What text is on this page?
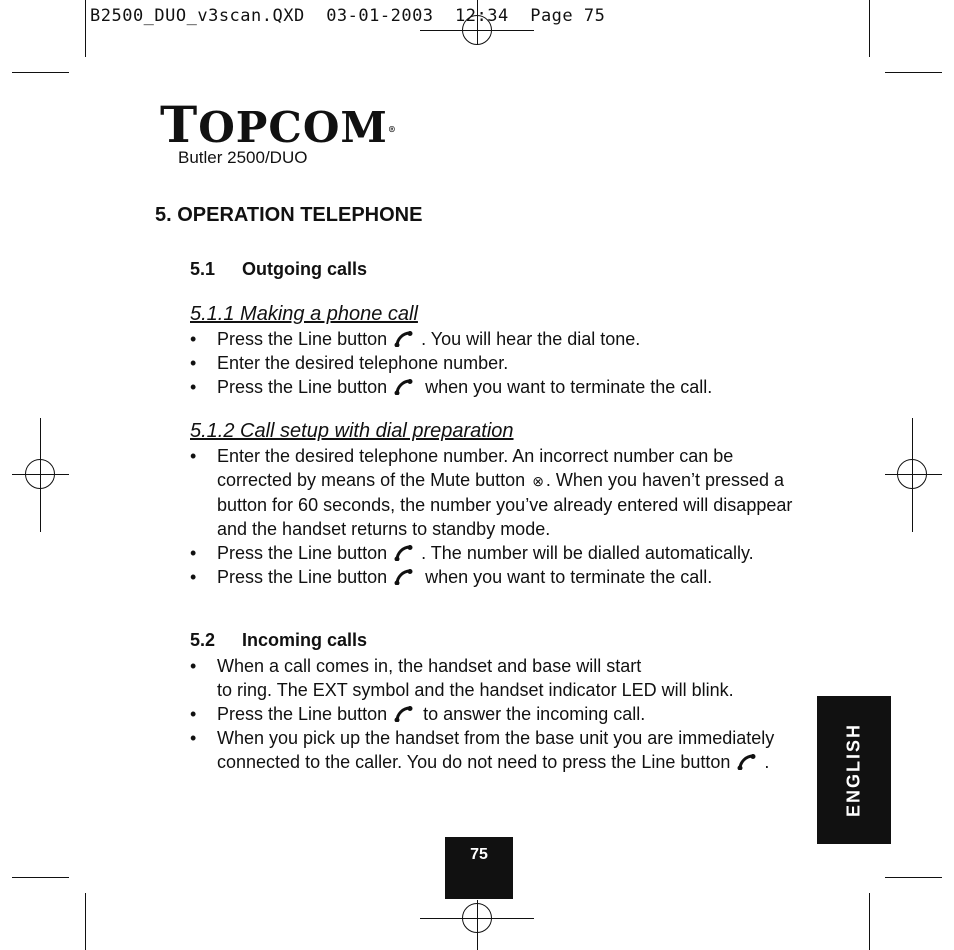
B2500_DUO_v3scan.QXD 03-01-2003 12:34 Page 75
TOPCOM®
Butler 2500/DUO
5. OPERATION TELEPHONE
5.1 Outgoing calls
5.1.1 Making a phone call
• Press the Line button . You will hear the dial tone.
• Enter the desired telephone number.
• Press the Line button when you want to terminate the call.
5.1.2 Call setup with dial preparation
• Enter the desired telephone number. An incorrect number can be corrected by means of the Mute button ⊗ . When you haven’t pressed a button for 60 seconds, the number you’ve already entered will disappear and the handset returns to standby mode.
• Press the Line button . The number will be dialled automatically.
• Press the Line button when you want to terminate the call.
5.2 Incoming calls
• When a call comes in, the handset and base will start
to ring. The EXT symbol and the handset indicator LED will blink.
• Press the Line button to answer the incoming call.
• When you pick up the handset from the base unit you are immediately connected to the caller. You do not need to press the Line button .	ENGLISH
75
